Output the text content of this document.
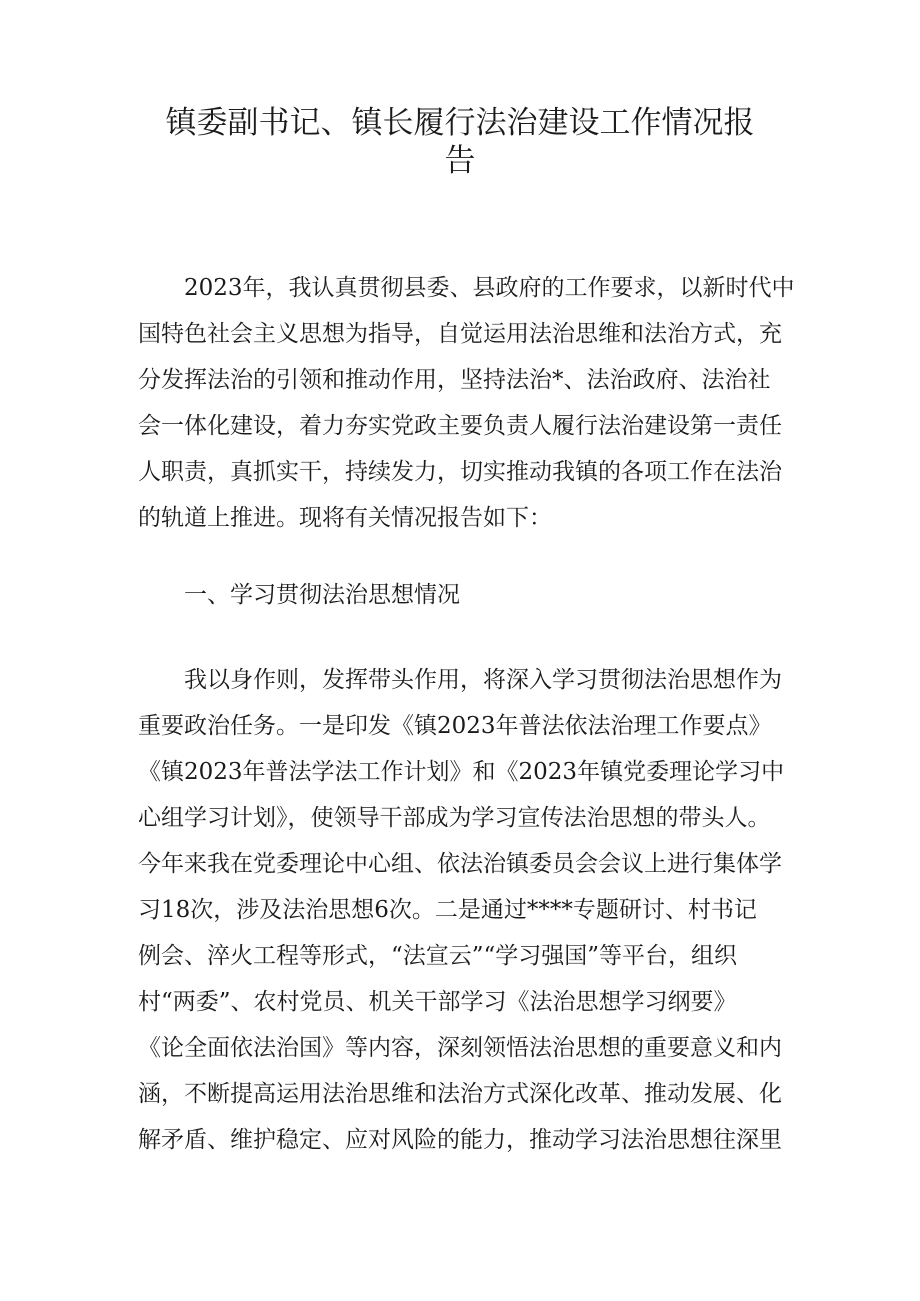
镇委副书记、镇长履行法治建设工作情况报
告

　　2023年，我认真贯彻县委、县政府的工作要求，以新时代中

国特色社会主义思想为指导，自觉运用法治思维和法治方式，充

分发挥法治的引领和推动作用，坚持法治*、法治政府、法治社

会一体化建设，着力夯实党政主要负责人履行法治建设第一责任

人职责，真抓实干，持续发力，切实推动我镇的各项工作在法治

的轨道上推进。现将有关情况报告如下：

　　一、学习贯彻法治思想情况

　　我以身作则，发挥带头作用，将深入学习贯彻法治思想作为

重要政治任务。一是印发《镇2023年普法依法治理工作要点》

《镇2023年普法学法工作计划》和《2023年镇党委理论学习中

心组学习计划》，使领导干部成为学习宣传法治思想的带头人。

今年来我在党委理论中心组、依法治镇委员会会议上进行集体学

习18次，涉及法治思想6次。二是通过****专题研讨、村书记

例会、淬火工程等形式，“法宣云”“学习强国”等平台，组织

村“两委”、农村党员、机关干部学习《法治思想学习纲要》

《论全面依法治国》等内容，深刻领悟法治思想的重要意义和内

涵，不断提高运用法治思维和法治方式深化改革、推动发展、化

解矛盾、维护稳定、应对风险的能力，推动学习法治思想往深里
